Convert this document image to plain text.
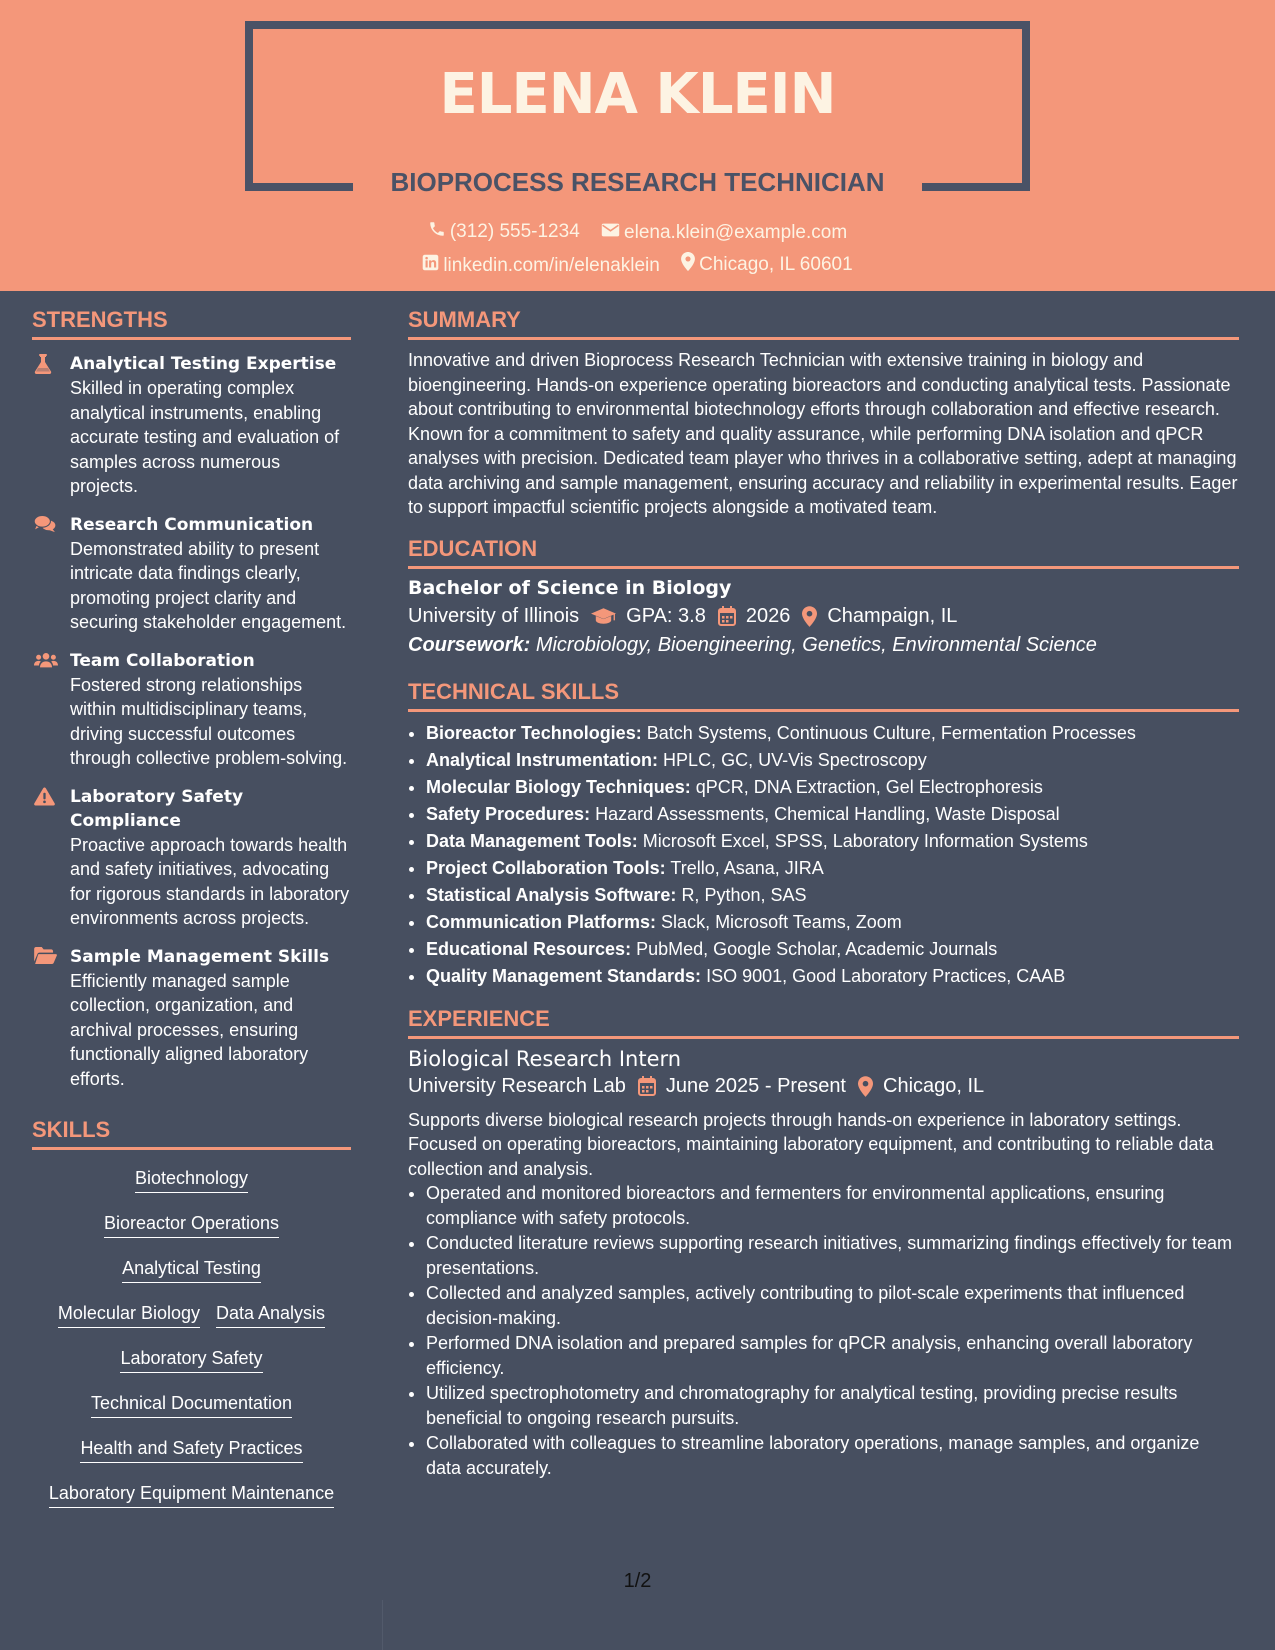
ELENA KLEIN
BIOPROCESS RESEARCH TECHNICIAN
(312) 555-1234
elena.klein@example.com
linkedin.com/in/elenaklein
Chicago, IL 60601
STRENGTHS
Analytical Testing Expertise
Skilled in operating complex analytical instruments, enabling accurate testing and evaluation of samples across numerous projects.
Research Communication
Demonstrated ability to present intricate data findings clearly, promoting project clarity and securing stakeholder engagement.
Team Collaboration
Fostered strong relationships within multidisciplinary teams, driving successful outcomes through collective problem-solving.
Laboratory Safety Compliance
Proactive approach towards health and safety initiatives, advocating for rigorous standards in laboratory environments across projects.
Sample Management Skills
Efficiently managed sample collection, organization, and archival processes, ensuring functionally aligned laboratory efforts.
SKILLS
Biotechnology
Bioreactor Operations
Analytical Testing
Molecular Biology Data Analysis
Laboratory Safety
Technical Documentation
Health and Safety Practices
Laboratory Equipment Maintenance
SUMMARY
Innovative and driven Bioprocess Research Technician with extensive training in biology and bioengineering. Hands-on experience operating bioreactors and conducting analytical tests. Passionate about contributing to environmental biotechnology efforts through collaboration and effective research. Known for a commitment to safety and quality assurance, while performing DNA isolation and qPCR analyses with precision. Dedicated team player who thrives in a collaborative setting, adept at managing data archiving and sample management, ensuring accuracy and reliability in experimental results. Eager to support impactful scientific projects alongside a motivated team.
EDUCATION
Bachelor of Science in Biology
University of Illinois GPA: 3.8 2026 Champaign, IL
Coursework: Microbiology, Bioengineering, Genetics, Environmental Science
TECHNICAL SKILLS
• Bioreactor Technologies: Batch Systems, Continuous Culture, Fermentation Processes
• Analytical Instrumentation: HPLC, GC, UV-Vis Spectroscopy
• Molecular Biology Techniques: qPCR, DNA Extraction, Gel Electrophoresis
• Safety Procedures: Hazard Assessments, Chemical Handling, Waste Disposal
• Data Management Tools: Microsoft Excel, SPSS, Laboratory Information Systems
• Project Collaboration Tools: Trello, Asana, JIRA
• Statistical Analysis Software: R, Python, SAS
• Communication Platforms: Slack, Microsoft Teams, Zoom
• Educational Resources: PubMed, Google Scholar, Academic Journals
• Quality Management Standards: ISO 9001, Good Laboratory Practices, CAAB
EXPERIENCE
Biological Research Intern
University Research Lab June 2025 - Present Chicago, IL
Supports diverse biological research projects through hands-on experience in laboratory settings. Focused on operating bioreactors, maintaining laboratory equipment, and contributing to reliable data collection and analysis.
• Operated and monitored bioreactors and fermenters for environmental applications, ensuring compliance with safety protocols.
• Conducted literature reviews supporting research initiatives, summarizing findings effectively for team presentations.
• Collected and analyzed samples, actively contributing to pilot-scale experiments that influenced decision-making.
• Performed DNA isolation and prepared samples for qPCR analysis, enhancing overall laboratory efficiency.
• Utilized spectrophotometry and chromatography for analytical testing, providing precise results beneficial to ongoing research pursuits.
• Collaborated with colleagues to streamline laboratory operations, manage samples, and organize data accurately.
1/2
